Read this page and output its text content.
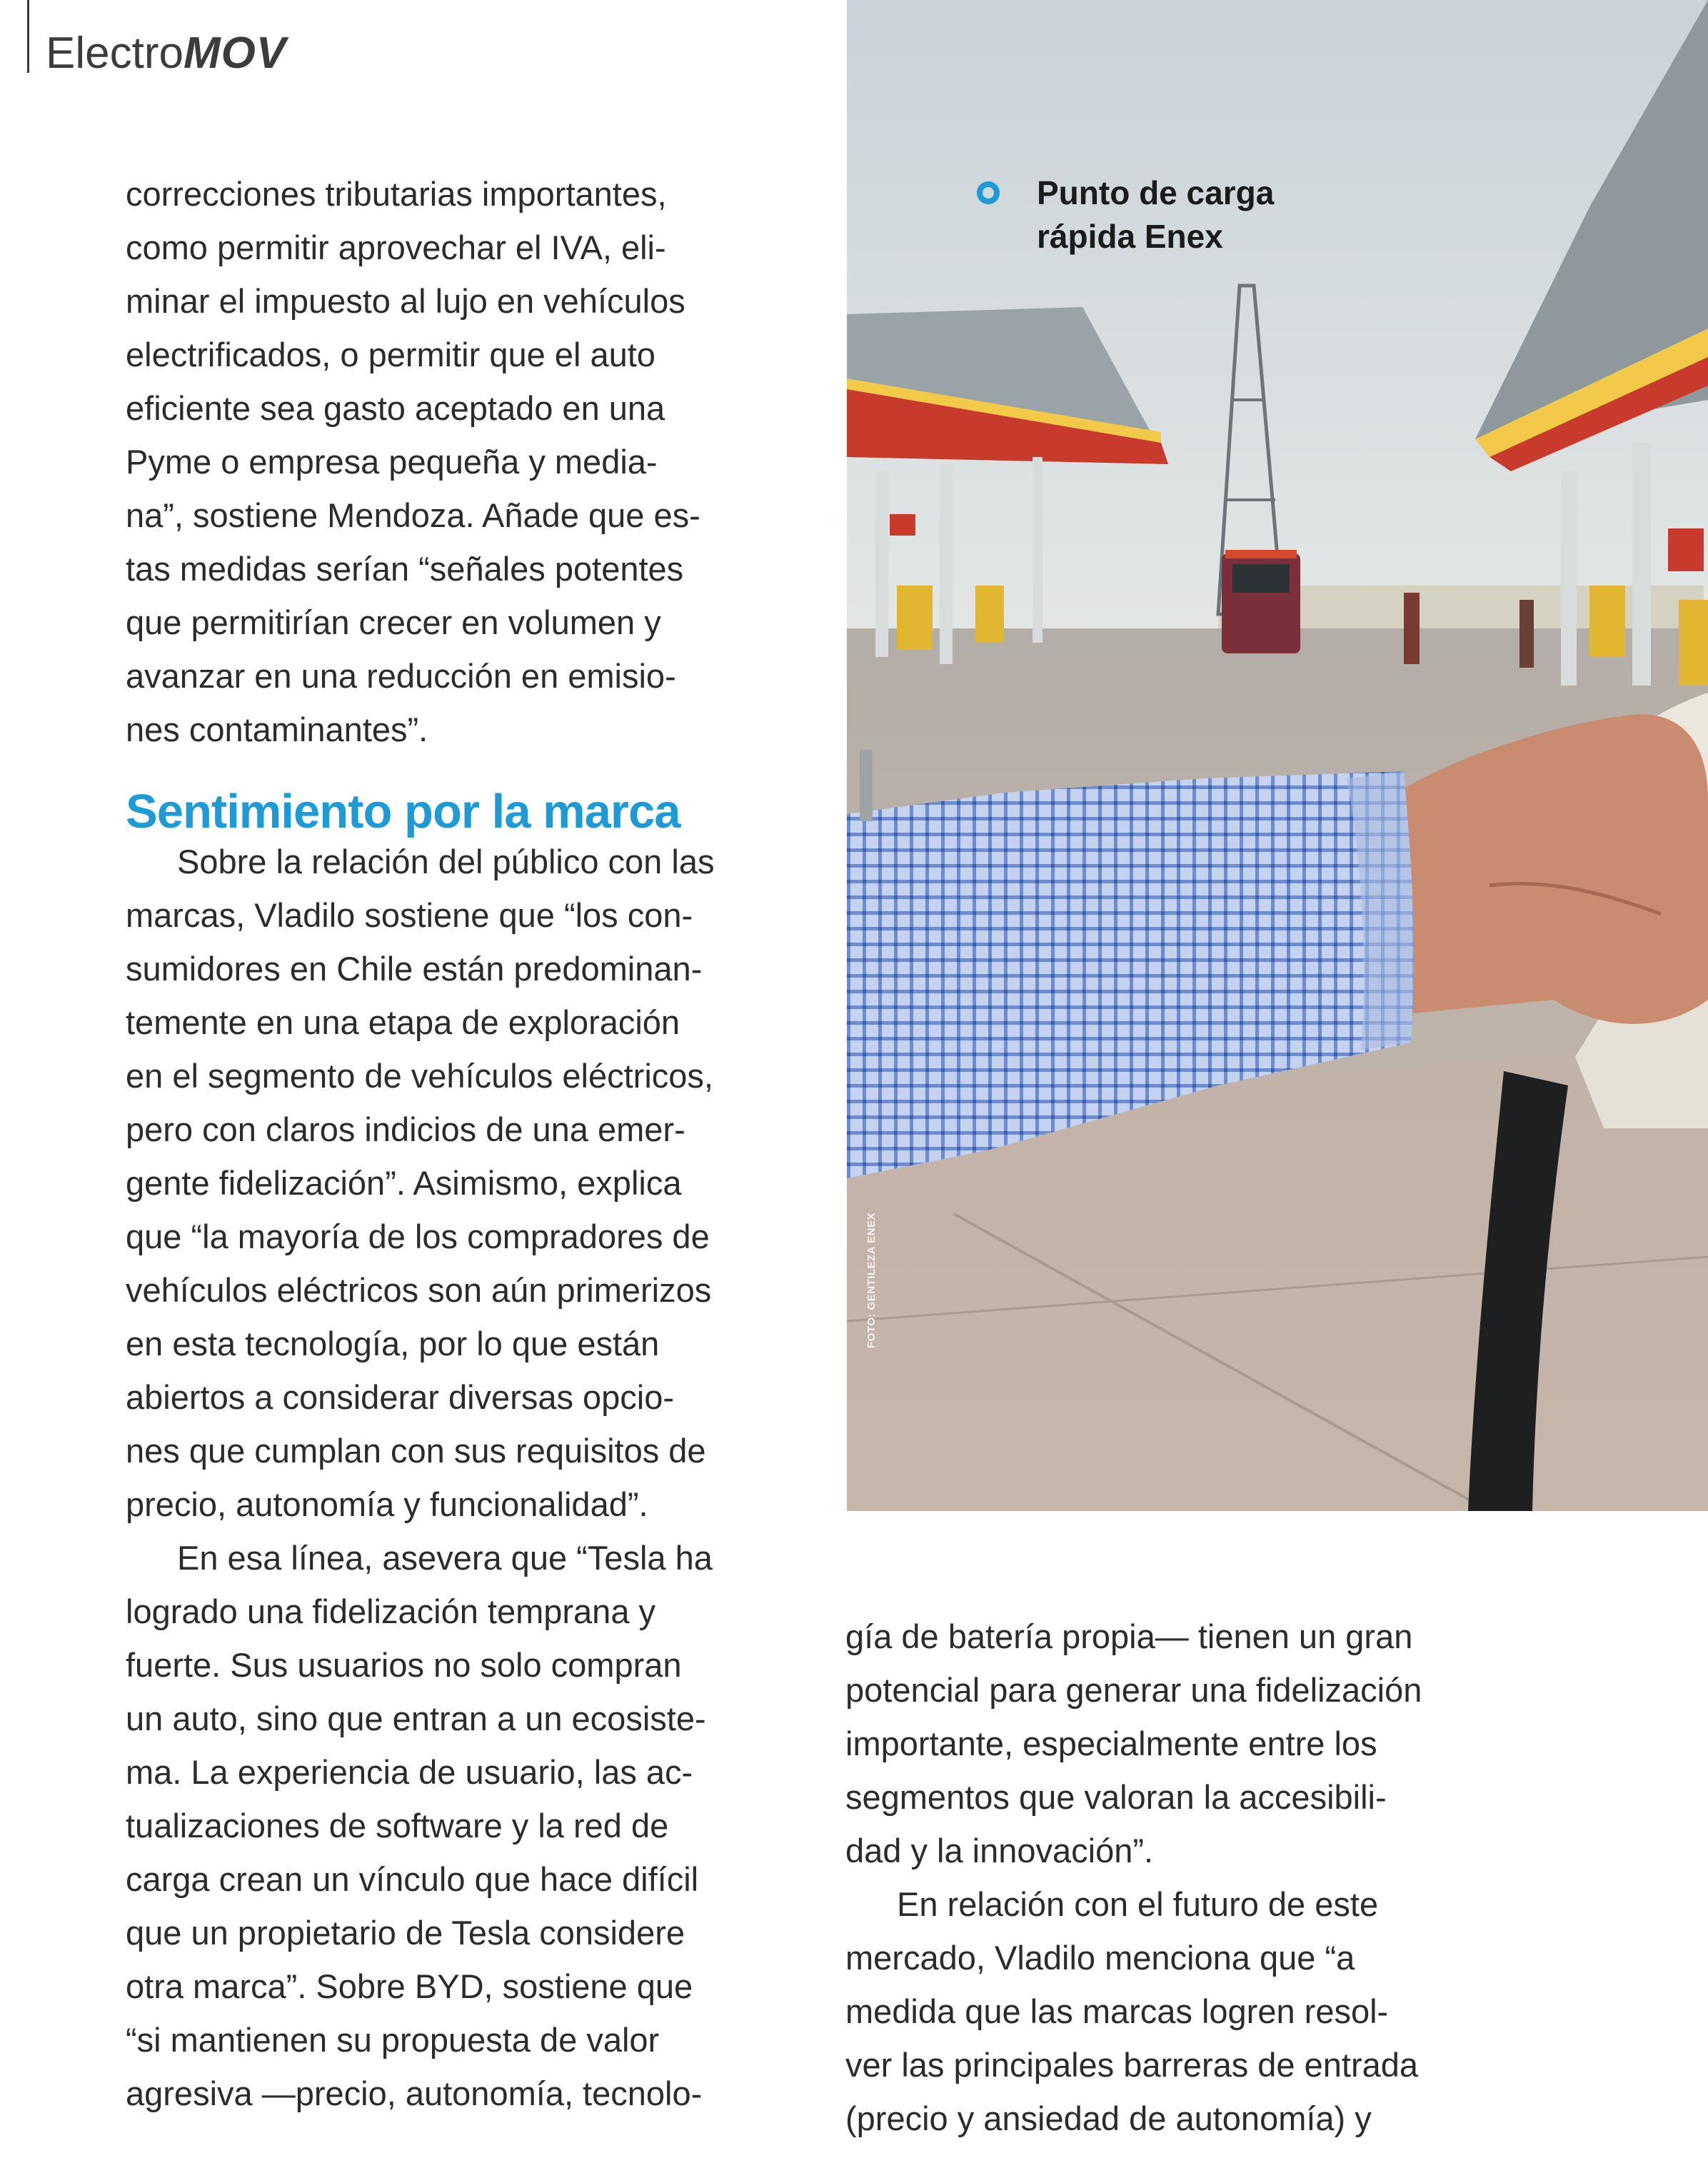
ElectroMOV
Punto de carga
rápida Enex
FOTO: GENTILEZA ENEX

correcciones tributarias importantes,
como permitir aprovechar el IVA, eli-
minar el impuesto al lujo en vehículos
electrificados, o permitir que el auto
eficiente sea gasto aceptado en una
Pyme o empresa pequeña y media-
na”, sostiene Mendoza. Añade que es-
tas medidas serían “señales potentes
que permitirían crecer en volumen y
avanzar en una reducción en emisio-
nes contaminantes”.

Sentimiento por la marca

Sobre la relación del público con las
marcas, Vladilo sostiene que “los con-
sumidores en Chile están predominan-
temente en una etapa de exploración
en el segmento de vehículos eléctricos,
pero con claros indicios de una emer-
gente fidelización”. Asimismo, explica
que “la mayoría de los compradores de
vehículos eléctricos son aún primerizos
en esta tecnología, por lo que están
abiertos a considerar diversas opcio-
nes que cumplan con sus requisitos de
precio, autonomía y funcionalidad”.

En esa línea, asevera que “Tesla ha
logrado una fidelización temprana y
fuerte. Sus usuarios no solo compran
un auto, sino que entran a un ecosiste-
ma. La experiencia de usuario, las ac-
tualizaciones de software y la red de
carga crean un vínculo que hace difícil
que un propietario de Tesla considere
otra marca”. Sobre BYD, sostiene que
“si mantienen su propuesta de valor
agresiva —precio, autonomía, tecnolo-

gía de batería propia— tienen un gran
potencial para generar una fidelización
importante, especialmente entre los
segmentos que valoran la accesibili-
dad y la innovación”.

En relación con el futuro de este
mercado, Vladilo menciona que “a
medida que las marcas logren resol-
ver las principales barreras de entrada
(precio y ansiedad de autonomía) y
